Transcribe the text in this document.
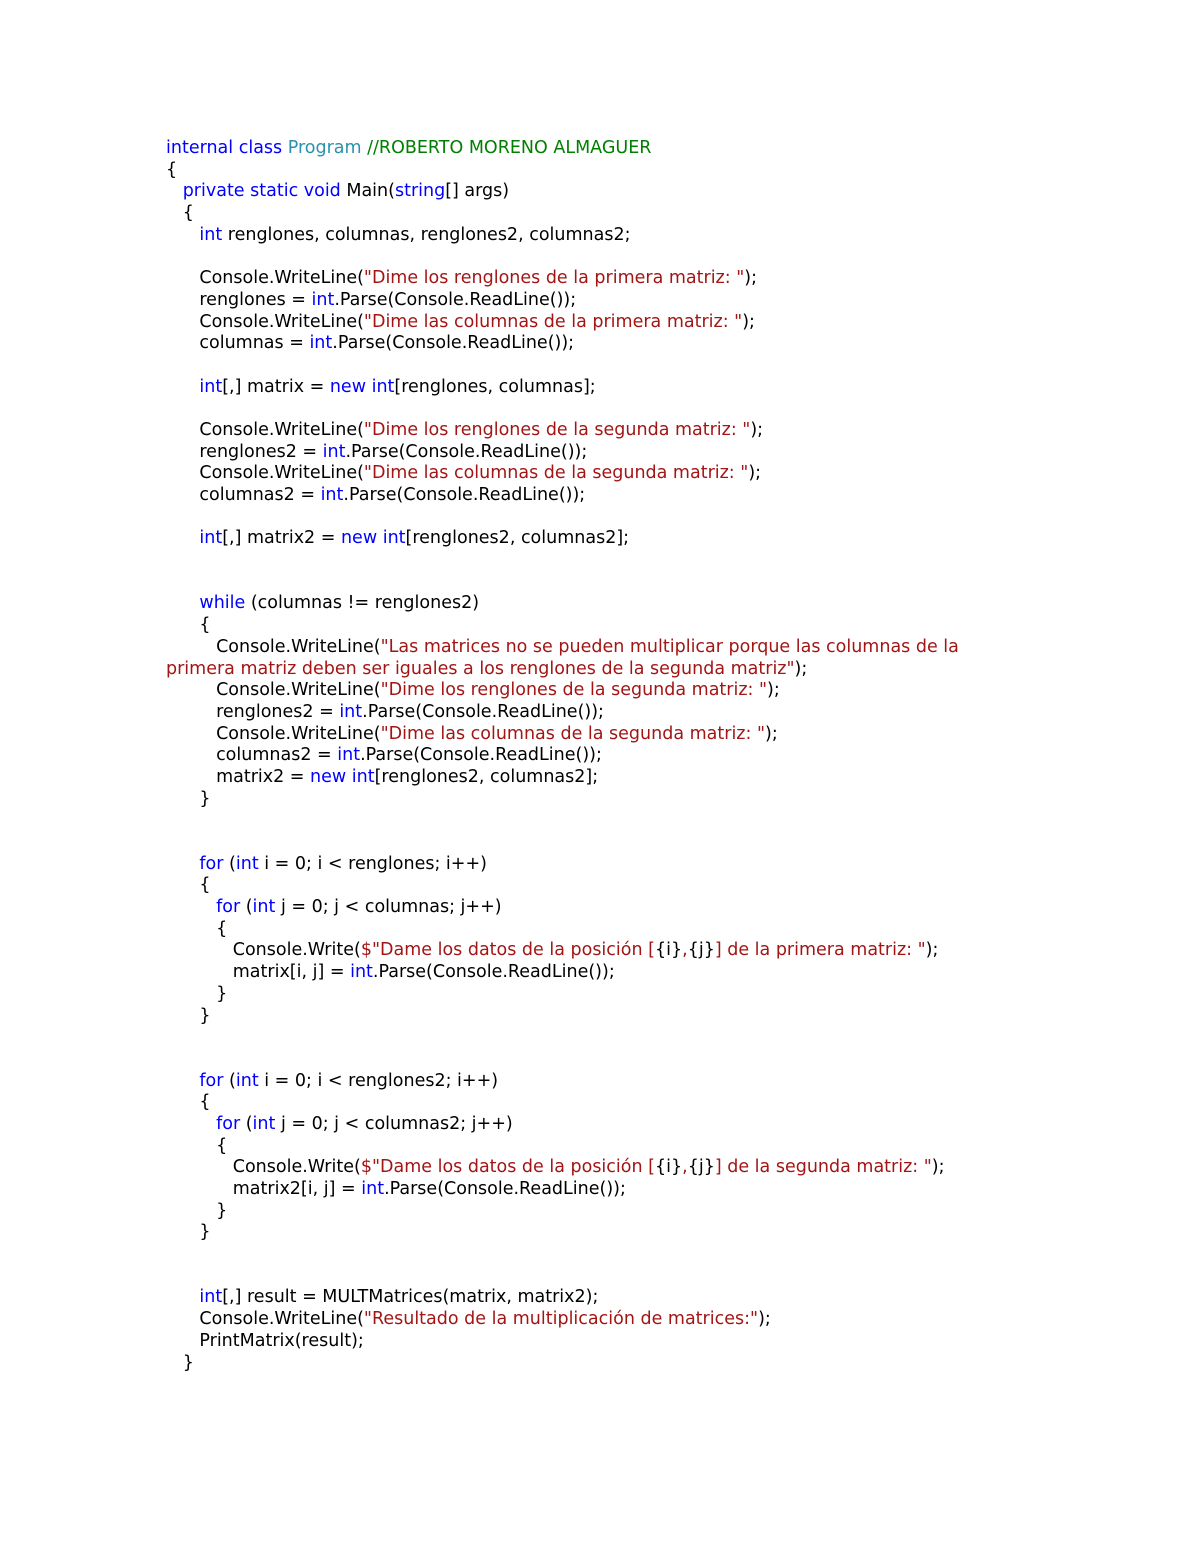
internal class Program //ROBERTO MORENO ALMAGUER
{
private static void Main(string[] args)
{
int renglones, columnas, renglones2, columnas2;

Console.WriteLine("Dime los renglones de la primera matriz: ");
renglones = int.Parse(Console.ReadLine());
Console.WriteLine("Dime las columnas de la primera matriz: ");
columnas = int.Parse(Console.ReadLine());

int[,] matrix = new int[renglones, columnas];

Console.WriteLine("Dime los renglones de la segunda matriz: ");
renglones2 = int.Parse(Console.ReadLine());
Console.WriteLine("Dime las columnas de la segunda matriz: ");
columnas2 = int.Parse(Console.ReadLine());

int[,] matrix2 = new int[renglones2, columnas2];

while (columnas != renglones2)
{
Console.WriteLine("Las matrices no se pueden multiplicar porque las columnas de la
primera matriz deben ser iguales a los renglones de la segunda matriz");
Console.WriteLine("Dime los renglones de la segunda matriz: ");
renglones2 = int.Parse(Console.ReadLine());
Console.WriteLine("Dime las columnas de la segunda matriz: ");
columnas2 = int.Parse(Console.ReadLine());
matrix2 = new int[renglones2, columnas2];
}

for (int i = 0; i < renglones; i++)
{
for (int j = 0; j < columnas; j++)
{
Console.Write($"Dame los datos de la posición [{i},{j}] de la primera matriz: ");
matrix[i, j] = int.Parse(Console.ReadLine());
}
}

for (int i = 0; i < renglones2; i++)
{
for (int j = 0; j < columnas2; j++)
{
Console.Write($"Dame los datos de la posición [{i},{j}] de la segunda matriz: ");
matrix2[i, j] = int.Parse(Console.ReadLine());
}
}

int[,] result = MULTMatrices(matrix, matrix2);
Console.WriteLine("Resultado de la multiplicación de matrices:");
PrintMatrix(result);
}
